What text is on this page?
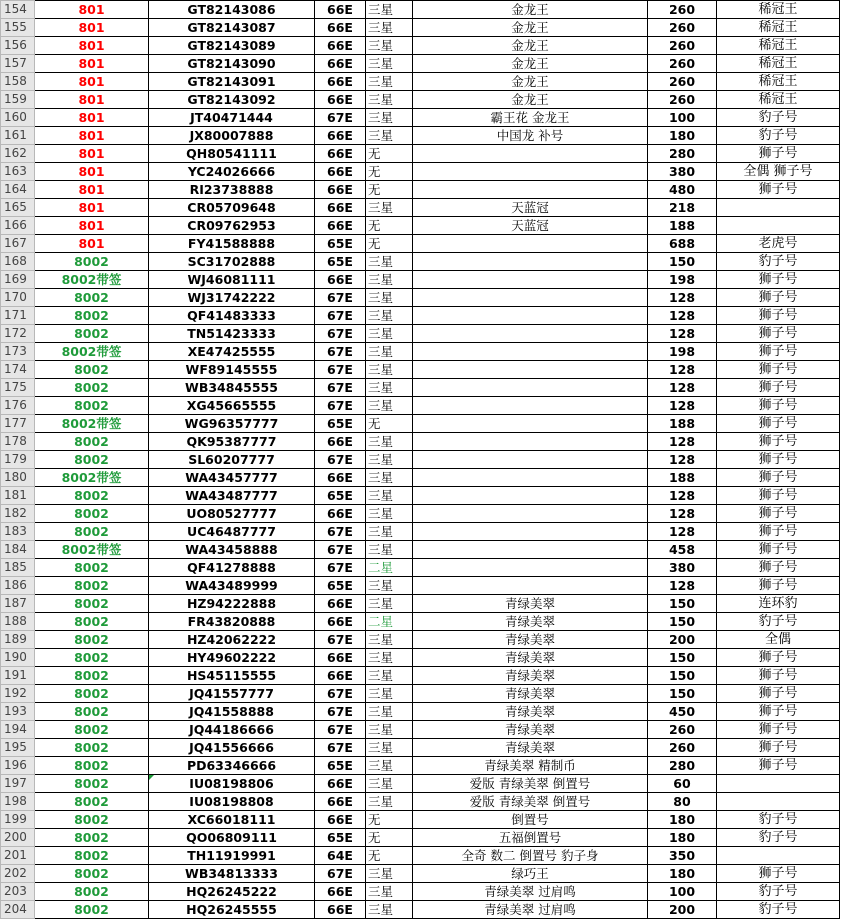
154	801	GT82143086	66E	三星	金龙王	260	稀冠王
155	801	GT82143087	66E	三星	金龙王	260	稀冠王
156	801	GT82143089	66E	三星	金龙王	260	稀冠王
157	801	GT82143090	66E	三星	金龙王	260	稀冠王
158	801	GT82143091	66E	三星	金龙王	260	稀冠王
159	801	GT82143092	66E	三星	金龙王	260	稀冠王
160	801	JT40471444	67E	三星	霸王花 金龙王	100	豹子号
161	801	JX80007888	66E	三星	中国龙 补号	180	豹子号
162	801	QH80541111	66E	无		280	狮子号
163	801	YC24026666	66E	无		380	全偶 狮子号
164	801	RI23738888	66E	无		480	狮子号
165	801	CR05709648	66E	三星	天蓝冠	218	
166	801	CR09762953	66E	无	天蓝冠	188	
167	801	FY41588888	65E	无		688	老虎号
168	8002	SC31702888	65E	三星		150	豹子号
169	8002带签	WJ46081111	66E	三星		198	狮子号
170	8002	WJ31742222	67E	三星		128	狮子号
171	8002	QF41483333	67E	三星		128	狮子号
172	8002	TN51423333	67E	三星		128	狮子号
173	8002带签	XE47425555	67E	三星		198	狮子号
174	8002	WF89145555	67E	三星		128	狮子号
175	8002	WB34845555	67E	三星		128	狮子号
176	8002	XG45665555	67E	三星		128	狮子号
177	8002带签	WG96357777	65E	无		188	狮子号
178	8002	QK95387777	66E	三星		128	狮子号
179	8002	SL60207777	67E	三星		128	狮子号
180	8002带签	WA43457777	66E	三星		188	狮子号
181	8002	WA43487777	65E	三星		128	狮子号
182	8002	UO80527777	66E	三星		128	狮子号
183	8002	UC46487777	67E	三星		128	狮子号
184	8002带签	WA43458888	67E	三星		458	狮子号
185	8002	QF41278888	67E	二星		380	狮子号
186	8002	WA43489999	65E	三星		128	狮子号
187	8002	HZ94222888	66E	三星	青绿美翠	150	连环豹
188	8002	FR43820888	66E	二星	青绿美翠	150	豹子号
189	8002	HZ42062222	67E	三星	青绿美翠	200	全偶
190	8002	HY49602222	66E	三星	青绿美翠	150	狮子号
191	8002	HS45115555	66E	三星	青绿美翠	150	狮子号
192	8002	JQ41557777	67E	三星	青绿美翠	150	狮子号
193	8002	JQ41558888	67E	三星	青绿美翠	450	狮子号
194	8002	JQ44186666	67E	三星	青绿美翠	260	狮子号
195	8002	JQ41556666	67E	三星	青绿美翠	260	狮子号
196	8002	PD63346666	65E	三星	青绿美翠 精制币	280	狮子号
197	8002	IU08198806	66E	三星	爱版 青绿美翠 倒置号	60	
198	8002	IU08198808	66E	三星	爱版 青绿美翠 倒置号	80	
199	8002	XC66018111	66E	无	倒置号	180	豹子号
200	8002	QO06809111	65E	无	五福倒置号	180	豹子号
201	8002	TH11919991	64E	无	全奇 数二 倒置号 豹子身	350	
202	8002	WB34813333	67E	三星	绿巧王	180	狮子号
203	8002	HQ26245222	66E	三星	青绿美翠 过肩鸣	100	豹子号
204	8002	HQ26245555	66E	三星	青绿美翠 过肩鸣	200	豹子号
